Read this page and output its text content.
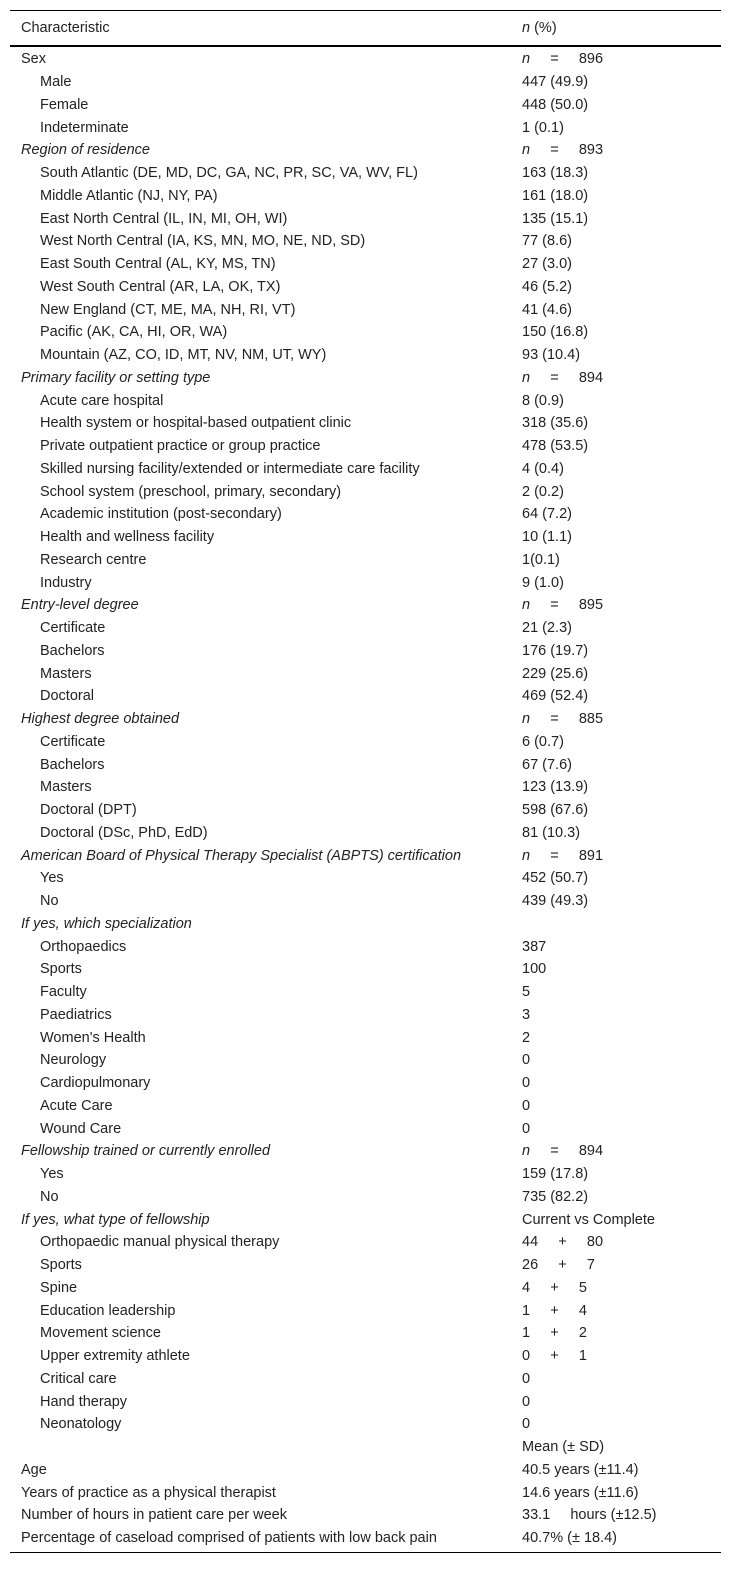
Characteristic	n (%)
Sex	n =     896
Male	447 (49.9)
Female	448 (50.0)
Indeterminate	1 (0.1)
Region of residence	n =     893
South Atlantic (DE, MD, DC, GA, NC, PR, SC, VA, WV, FL)	163 (18.3)
Middle Atlantic (NJ, NY, PA)	161 (18.0)
East North Central (IL, IN, MI, OH, WI)	135 (15.1)
West North Central (IA, KS, MN, MO, NE, ND, SD)	77 (8.6)
East South Central (AL, KY, MS, TN)	27 (3.0)
West South Central (AR, LA, OK, TX)	46 (5.2)
New England (CT, ME, MA, NH, RI, VT)	41 (4.6)
Pacific (AK, CA, HI, OR, WA)	150 (16.8)
Mountain (AZ, CO, ID, MT, NV, NM, UT, WY)	93 (10.4)
Primary facility or setting type	n =     894
Acute care hospital	8 (0.9)
Health system or hospital-based outpatient clinic	318 (35.6)
Private outpatient practice or group practice	478 (53.5)
Skilled nursing facility/extended or intermediate care facility	4 (0.4)
School system (preschool, primary, secondary)	2 (0.2)
Academic institution (post-secondary)	64 (7.2)
Health and wellness facility	10 (1.1)
Research centre	1(0.1)
Industry	9 (1.0)
Entry-level degree	n =     895
Certificate	21 (2.3)
Bachelors	176 (19.7)
Masters	229 (25.6)
Doctoral	469 (52.4)
Highest degree obtained	n =     885
Certificate	6 (0.7)
Bachelors	67 (7.6)
Masters	123 (13.9)
Doctoral (DPT)	598 (67.6)
Doctoral (DSc, PhD, EdD)	81 (10.3)
American Board of Physical Therapy Specialist (ABPTS) certification	n =     891
Yes	452 (50.7)
No	439 (49.3)
If yes, which specialization
Orthopaedics	387
Sports	100
Faculty	5
Paediatrics	3
Women's Health	2
Neurology	0
Cardiopulmonary	0
Acute Care	0
Wound Care	0
Fellowship trained or currently enrolled	n =     894
Yes	159 (17.8)
No	735 (82.2)
If yes, what type of fellowship	Current vs Complete
Orthopaedic manual physical therapy	44     +     80
Sports	26     +     7
Spine	4     +     5
Education leadership	1     +     4
Movement science	1     +     2
Upper extremity athlete	0     +     1
Critical care	0
Hand therapy	0
Neonatology	0
Mean (± SD)
Age	40.5 years (±11.4)
Years of practice as a physical therapist	14.6 years (±11.6)
Number of hours in patient care per week	33.1     hours (±12.5)
Percentage of caseload comprised of patients with low back pain	40.7% (± 18.4)
